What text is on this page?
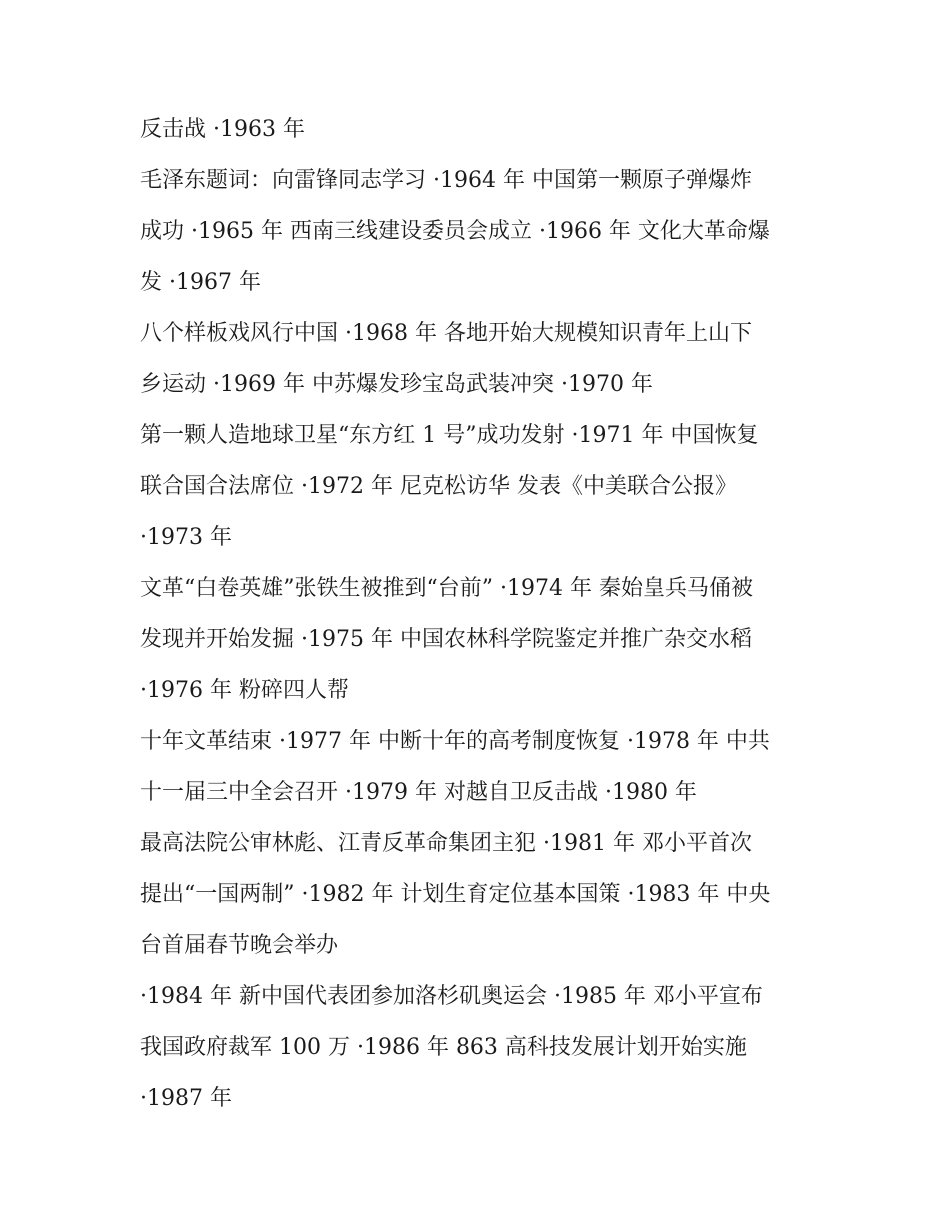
反击战 ·1963 年
毛泽东题词：向雷锋同志学习 ·1964 年 中国第一颗原子弹爆炸
成功 ·1965 年 西南三线建设委员会成立 ·1966 年 文化大革命爆
发 ·1967 年
八个样板戏风行中国 ·1968 年 各地开始大规模知识青年上山下
乡运动 ·1969 年 中苏爆发珍宝岛武装冲突 ·1970 年
第一颗人造地球卫星“东方红 1 号”成功发射 ·1971 年 中国恢复
联合国合法席位 ·1972 年 尼克松访华 发表《中美联合公报》
·1973 年
文革“白卷英雄”张铁生被推到“台前” ·1974 年 秦始皇兵马俑被
发现并开始发掘 ·1975 年 中国农林科学院鉴定并推广杂交水稻
·1976 年 粉碎四人帮
十年文革结束 ·1977 年 中断十年的高考制度恢复 ·1978 年 中共
十一届三中全会召开 ·1979 年 对越自卫反击战 ·1980 年
最高法院公审林彪、江青反革命集团主犯 ·1981 年 邓小平首次
提出“一国两制” ·1982 年 计划生育定位基本国策 ·1983 年 中央
台首届春节晚会举办
·1984 年 新中国代表团参加洛杉矶奥运会 ·1985 年 邓小平宣布
我国政府裁军 100 万 ·1986 年 863 高科技发展计划开始实施
·1987 年
